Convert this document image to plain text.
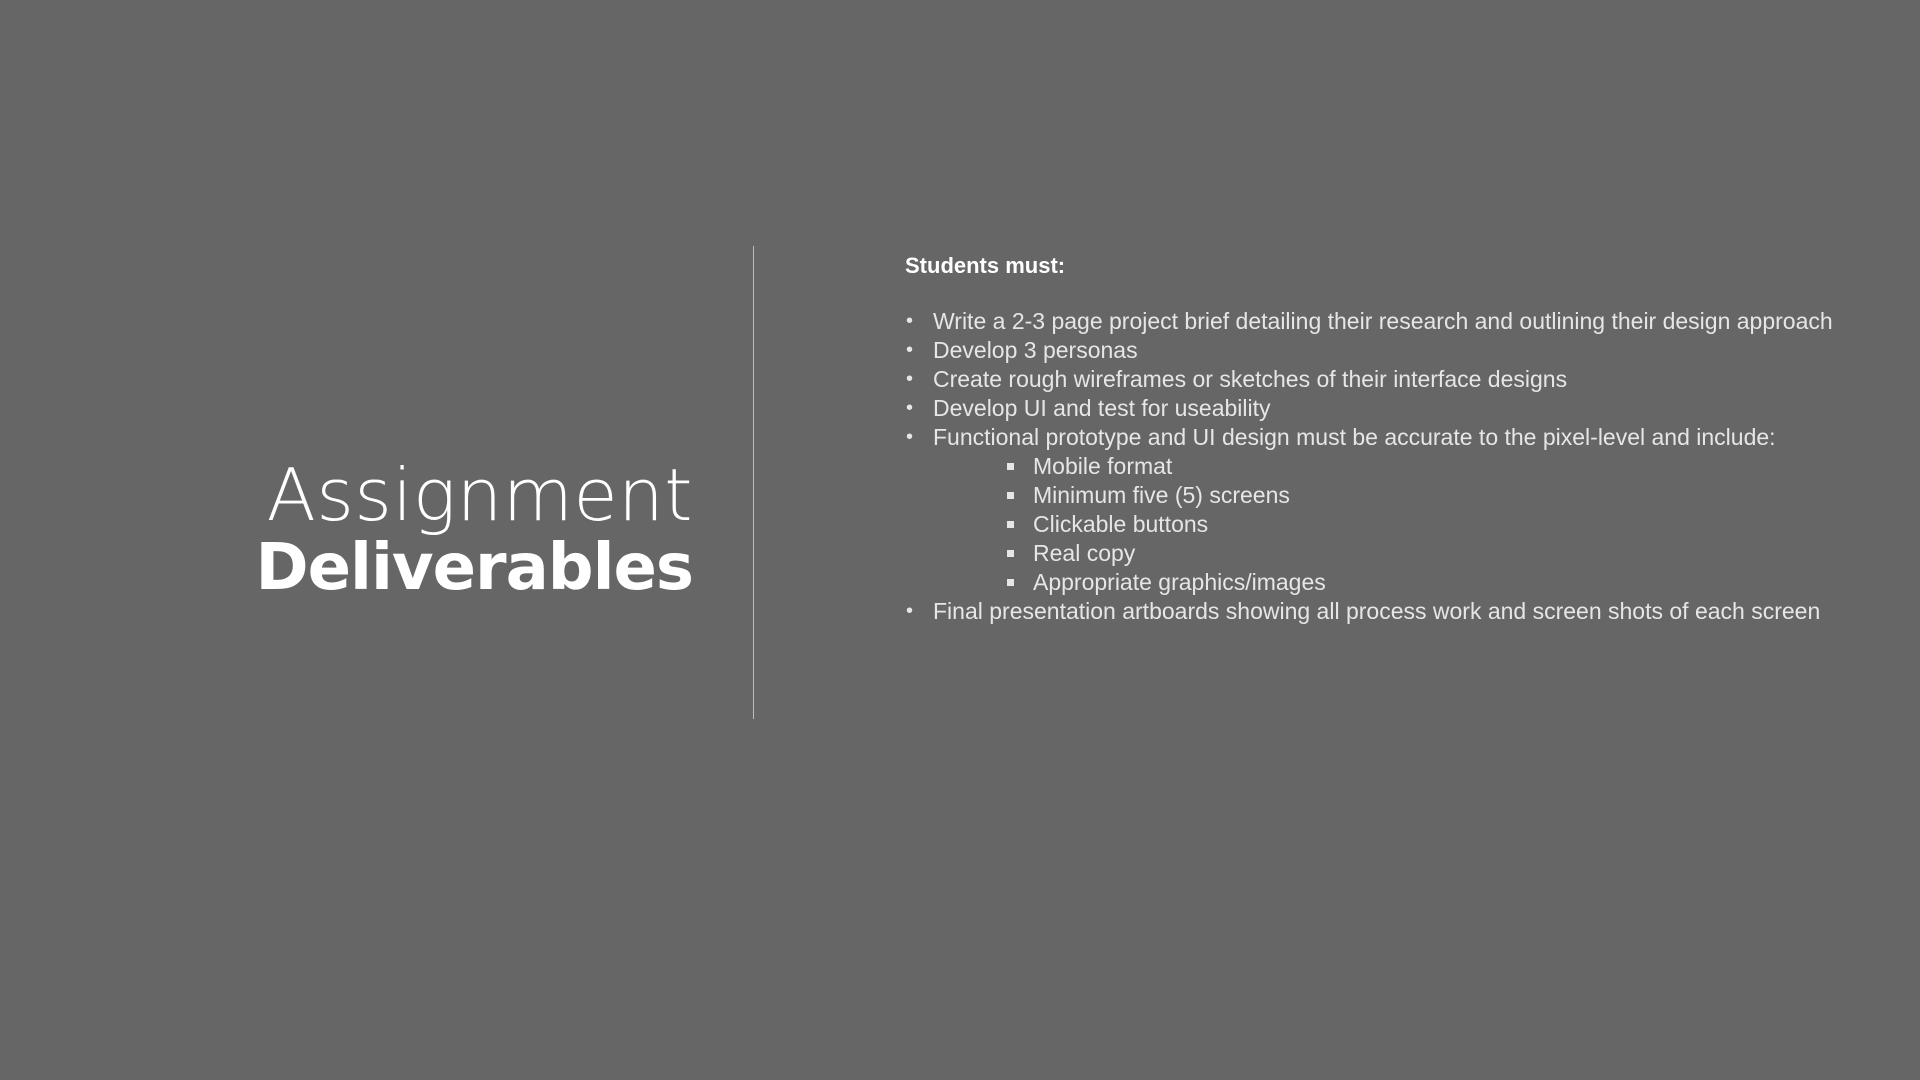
Assignment
Deliverables
Students must:
• Write a 2-3 page project brief detailing their research and outlining their design approach
• Develop 3 personas
• Create rough wireframes or sketches of their interface designs
• Develop UI and test for useability
• Functional prototype and UI design must be accurate to the pixel-level and include:
Mobile format
Minimum five (5) screens
Clickable buttons
Real copy
Appropriate graphics/images
• Final presentation artboards showing all process work and screen shots of each screen
